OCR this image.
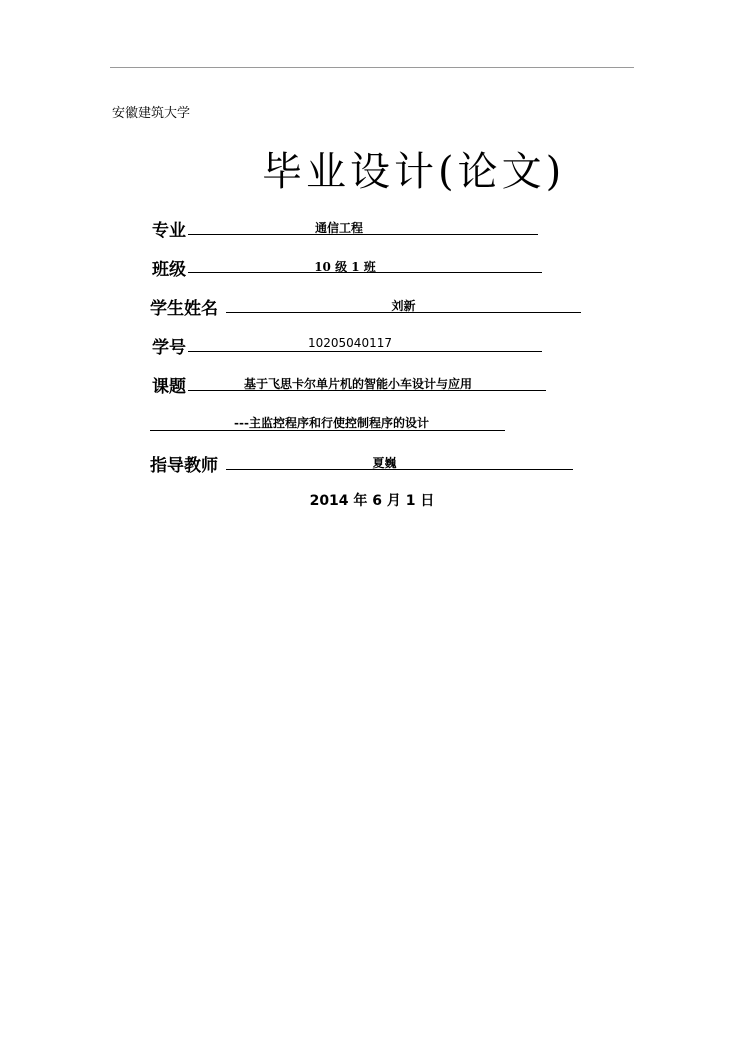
安徽建筑大学
毕业设计(论文)
专业	通信工程
班级	10 级 1 班
学生姓名	刘新
学号	10205040117
课题	基于飞思卡尔单片机的智能小车设计与应用
---主监控程序和行使控制程序的设计
指导教师	夏巍
2014 年 6 月 1 日
